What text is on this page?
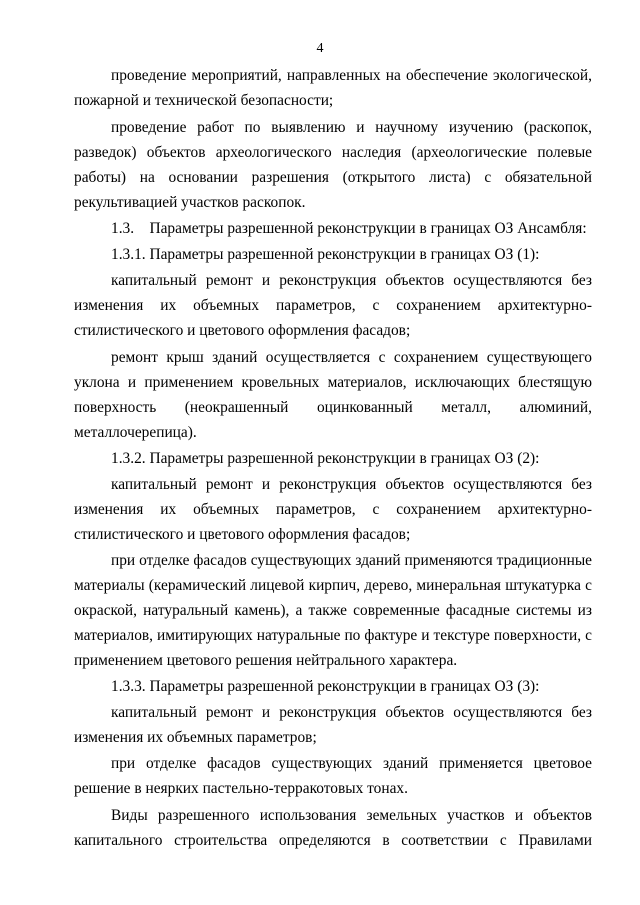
4
проведение мероприятий, направленных на обеспечение экологической,
пожарной и технической безопасности;
проведение работ по выявлению и научному изучению (раскопок,
разведок) объектов археологического наследия (археологические полевые
работы) на основании разрешения (открытого листа) с обязательной
рекультивацией участков раскопок.
1.3.    Параметры разрешенной реконструкции в границах ОЗ Ансамбля:
1.3.1. Параметры разрешенной реконструкции в границах ОЗ (1):
капитальный ремонт и реконструкция объектов осуществляются без
изменения их объемных параметров, с сохранением архитектурно-
стилистического и цветового оформления фасадов;
ремонт крыш зданий осуществляется с сохранением существующего
уклона и применением кровельных материалов, исключающих блестящую
поверхность (неокрашенный оцинкованный металл, алюминий,
металлочерепица).
1.3.2. Параметры разрешенной реконструкции в границах ОЗ (2):
капитальный ремонт и реконструкция объектов осуществляются без
изменения их объемных параметров, с сохранением архитектурно-
стилистического и цветового оформления фасадов;
при отделке фасадов существующих зданий применяются традиционные
материалы (керамический лицевой кирпич, дерево, минеральная штукатурка с
окраской, натуральный камень), а также современные фасадные системы из
материалов, имитирующих натуральные по фактуре и текстуре поверхности, с
применением цветового решения нейтрального характера.
1.3.3. Параметры разрешенной реконструкции в границах ОЗ (3):
капитальный ремонт и реконструкция объектов осуществляются без
изменения их объемных параметров;
при отделке фасадов существующих зданий применяется цветовое
решение в неярких пастельно-терракотовых тонах.
Виды разрешенного использования земельных участков и объектов
капитального строительства определяются в соответствии с Правилами
